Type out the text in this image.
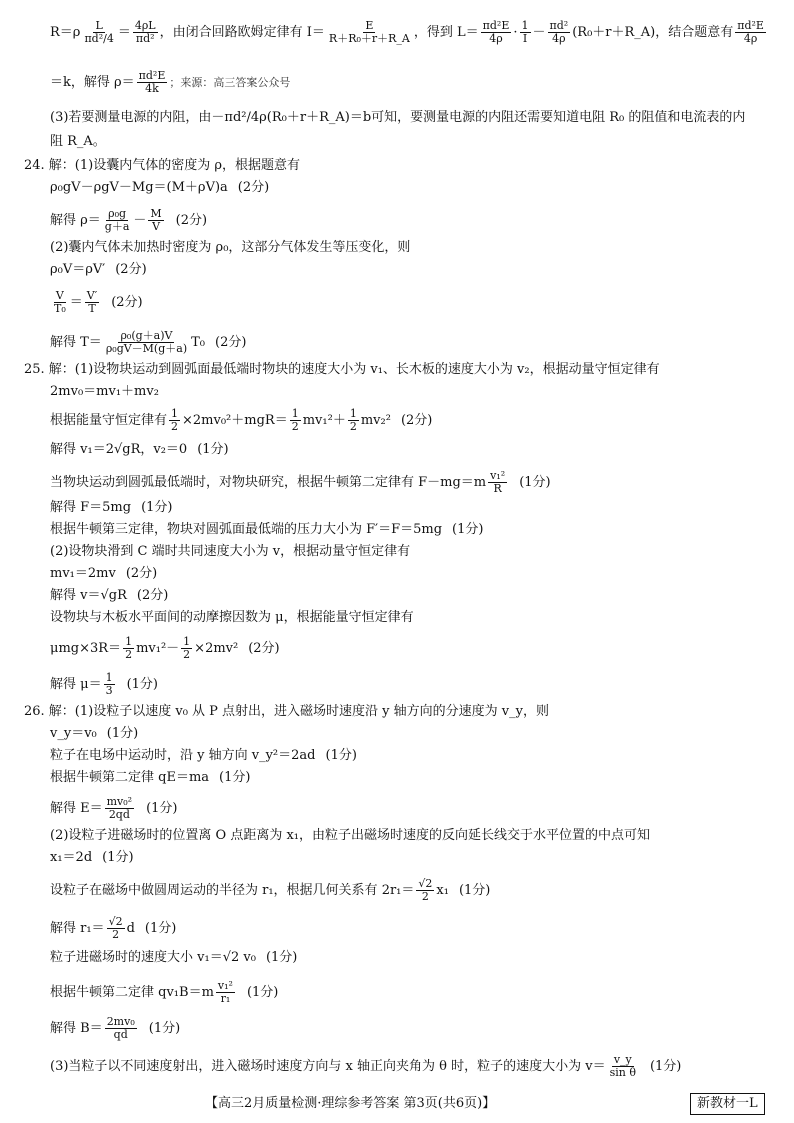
$R=\rho \frac{L}{\text{πd²/4}} = \frac{4\rho L}{\text{πd²}}$ ，由闭合回路欧姆定律有 $I= \frac{E}{\text{R＋R₀＋r＋R\_A}}$ ，得到 $L= \frac{\text{πd²E}}{4\rho} \cdot \frac{1}{I} - \frac{\text{πd²}}{4\rho}$ (R₀＋r＋R_A)，结合题意有 $\frac{\text{πd²E}}{4\rho}$
＝k，解得 $\rho= \frac{\text{πd²E}}{4k}$ ；来源：高三答案公众号
(3)若要测量电源的内阻，由－πd²/4ρ(R₀＋r＋R_A)＝b可知，要测量电源的内阻还需要知道电阻 R₀ 的阻值和电流表的内
阻 R_A。
24. 解：(1)设囊内气体的密度为 ρ，根据题意有
ρ₀gV－ρgV－Mg＝(M＋ρV)a (2分)
解得 $\rho= \frac{\text{ρ₀g}}{g+a} - \frac{M}{V} (2$分)
(2)囊内气体未加热时密度为 ρ₀，这部分气体发生等压变化，则
ρ₀V＝ρV′ (2分)
$\frac{V}{\text{T₀}} = \frac{V'}{T} (2$分)
解得 $T= \frac{\text{ρ₀(g＋a)V}}{\text{ρ₀gV－M(g＋a)}} T_0$ (2分)
25. 解：(1)设物块运动到圆弧面最低端时物块的速度大小为 v₁、长木板的速度大小为 v₂，根据动量守恒定律有
2mv₀＝mv₁＋mv₂
根据能量守恒定律有 $\frac{1}{2} \times 2mv_0^2+mgR= \frac{1}{2} mv_1^2+ \frac{1}{2} mv_2^2$ (2分)
解得 v₁＝2√gR，v₂＝0 (1分)
当物块运动到圆弧最低端时，对物块研究，根据牛顿第二定律有 $F-mg=m \frac{\text{v₁²}}{R} (1$分)
解得 F＝5mg (1分)
根据牛顿第三定律，物块对圆弧面最低端的压力大小为 F′＝F＝5mg (1分)
(2)设物块滑到 C 端时共同速度大小为 v，根据动量守恒定律有
mv₁＝2mv (2分)
解得 v＝√gR (2分)
设物块与木板水平面间的动摩擦因数为 μ，根据能量守恒定律有
$\mu mg\times 3R= \frac{1}{2} mv_1^2- \frac{1}{2} \times 2mv^2$ (2分)
解得 $\mu= \frac{1}{3} (1$分)
26. 解：(1)设粒子以速度 v₀ 从 P 点射出，进入磁场时速度沿 y 轴方向的分速度为 v_y，则
v_y＝v₀ (1分)
粒子在电场中运动时，沿 y 轴方向 v_y²＝2ad (1分)
根据牛顿第二定律 qE＝ma (1分)
解得 $E= \frac{\text{mv₀²}}{2qd} (1$分)
(2)设粒子进磁场时的位置离 O 点距离为 x₁，由粒子出磁场时速度的反向延长线交于水平位置的中点可知
x₁＝2d (1分)
设粒子在磁场中做圆周运动的半径为 r₁，根据几何关系有 $2r_1= \frac{√2}{2} x_1$ (1分)
解得 $r_1= \frac{√2}{2}$ d (1分)
粒子进磁场时的速度大小 v₁＝√2 v₀ (1分)
根据牛顿第二定律 $qv_1B=m \frac{\text{v₁²}}{\text{r₁}} (1$分)
解得 $B= \frac{\text{2mv₀}}{qd} (1$分)
(3)当粒子以不同速度射出，进入磁场时速度方向与 x 轴正向夹角为 θ 时，粒子的速度大小为 $v= \frac{v\_y}{\text{sin θ}} (1$分)
【高三2月质量检测·理综参考答案 第3页(共6页)】	新教材一L
